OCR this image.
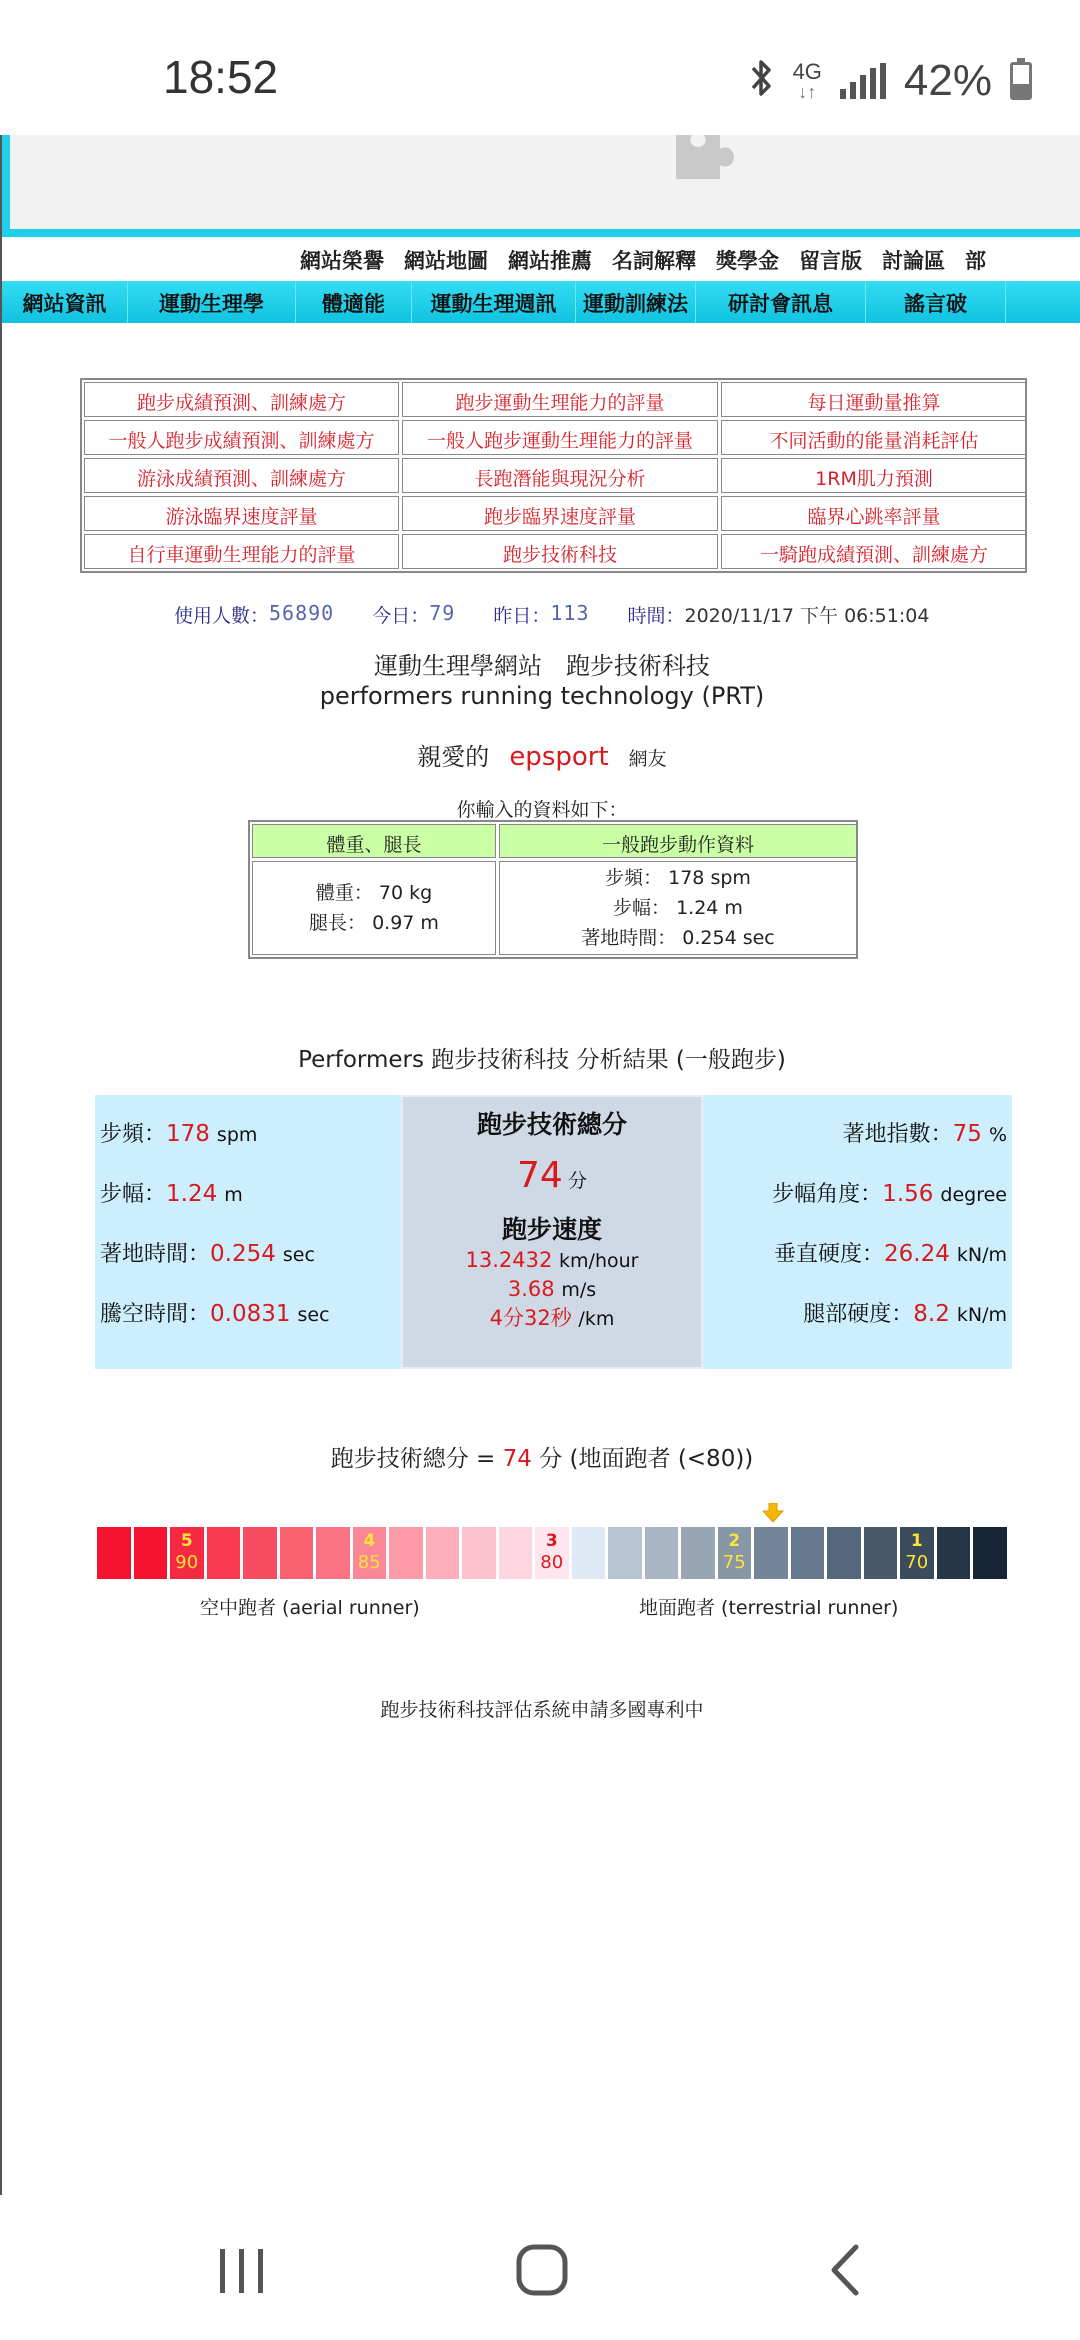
18:52	4G
↓↑ 42%
網站榮譽 網站地圖 網站推薦 名詞解釋 獎學金 留言版 討論區 部
網站資訊	運動生理學	體適能	運動生理週訊	運動訓練法	研討會訊息	謠言破
跑步成績預測、訓練處方	跑步運動生理能力的評量	每日運動量推算
一般人跑步成績預測、訓練處方	一般人跑步運動生理能力的評量	不同活動的能量消耗評估
游泳成績預測、訓練處方	長跑潛能與現況分析	1RM肌力預測
游泳臨界速度評量	跑步臨界速度評量	臨界心跳率評量
自行車運動生理能力的評量	跑步技術科技	一騎跑成績預測、訓練處方
使用人數： 56890 今日： 79 昨日： 113 時間： 2020/11/17 下午 06:51:04
運動生理學網站　跑步技術科技
performers running technology (PRT)
親愛的 epsport 網友
你輸入的資料如下：
體重、腿長	一般跑步動作資料
體重： 70 kg
腿長： 0.97 m
步頻： 178 spm
步幅： 1.24 m
著地時間： 0.254 sec
Performers 跑步技術科技 分析結果 (一般跑步)
步頻：178 spm
步幅：1.24 m
著地時間：0.254 sec
騰空時間：0.0831 sec
跑步技術總分
74 分
跑步速度
13.2432 km/hour
3.68 m/s
4分32秒 /km
著地指數：75 %
步幅角度：1.56 degree
垂直硬度：26.24 kN/m
腿部硬度：8.2 kN/m
跑步技術總分 = 74 分 (地面跑者 (<80))
5
90
4
85
3
80
2
75
1
70
空中跑者 (aerial runner)	地面跑者 (terrestrial runner)
跑步技術科技評估系統申請多國專利中
